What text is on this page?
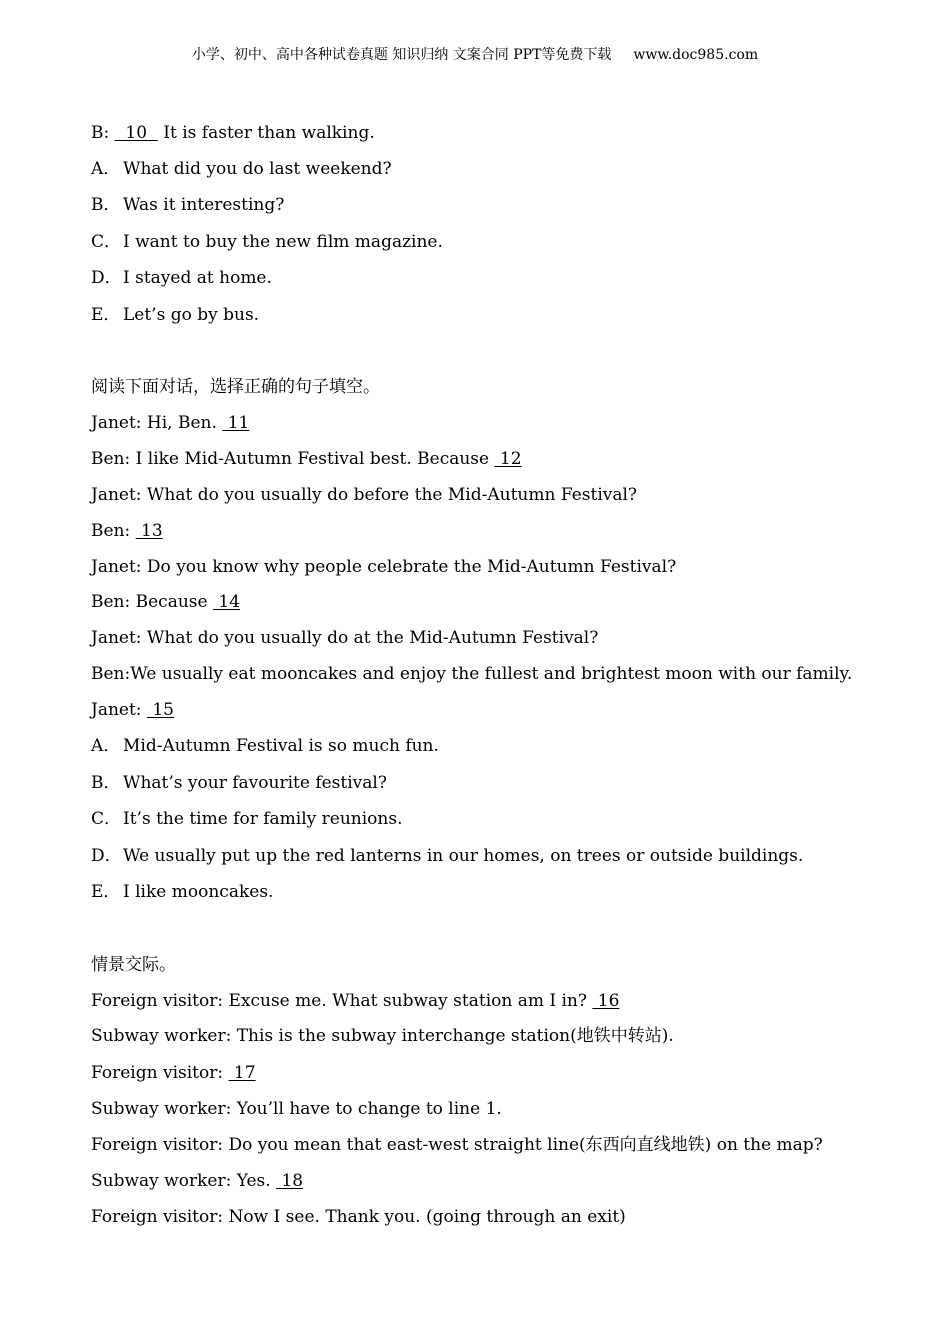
小学、初中、高中各种试卷真题 知识归纳 文案合同 PPT等免费下载 www.doc985.com
B:   10   It is faster than walking.
A． What did you do last weekend?
B． Was it interesting?
C． I want to buy the new film magazine.
D．I stayed at home.
E． Let’s go by bus.
阅读下面对话，选择正确的句子填空。
Janet: Hi, Ben.  11
Ben: I like Mid-Autumn Festival best. Because  12
Janet: What do you usually do before the Mid-Autumn Festival?
Ben:  13
Janet: Do you know why people celebrate the Mid-Autumn Festival?
Ben: Because  14
Janet: What do you usually do at the Mid-Autumn Festival?
Ben:We usually eat mooncakes and enjoy the fullest and brightest moon with our family.
Janet:  15
A． Mid-Autumn Festival is so much fun.
B． What’s your favourite festival?
C． It’s the time for family reunions.
D．We usually put up the red lanterns in our homes, on trees or outside buildings.
E． I like mooncakes.
情景交际。
Foreign visitor: Excuse me. What subway station am I in?  16
Subway worker: This is the subway interchange station(地铁中转站).
Foreign visitor:  17
Subway worker: You’ll have to change to line 1.
Foreign visitor: Do you mean that east-west straight line(东西向直线地铁) on the map?
Subway worker: Yes.  18
Foreign visitor: Now I see. Thank you. (going through an exit)
